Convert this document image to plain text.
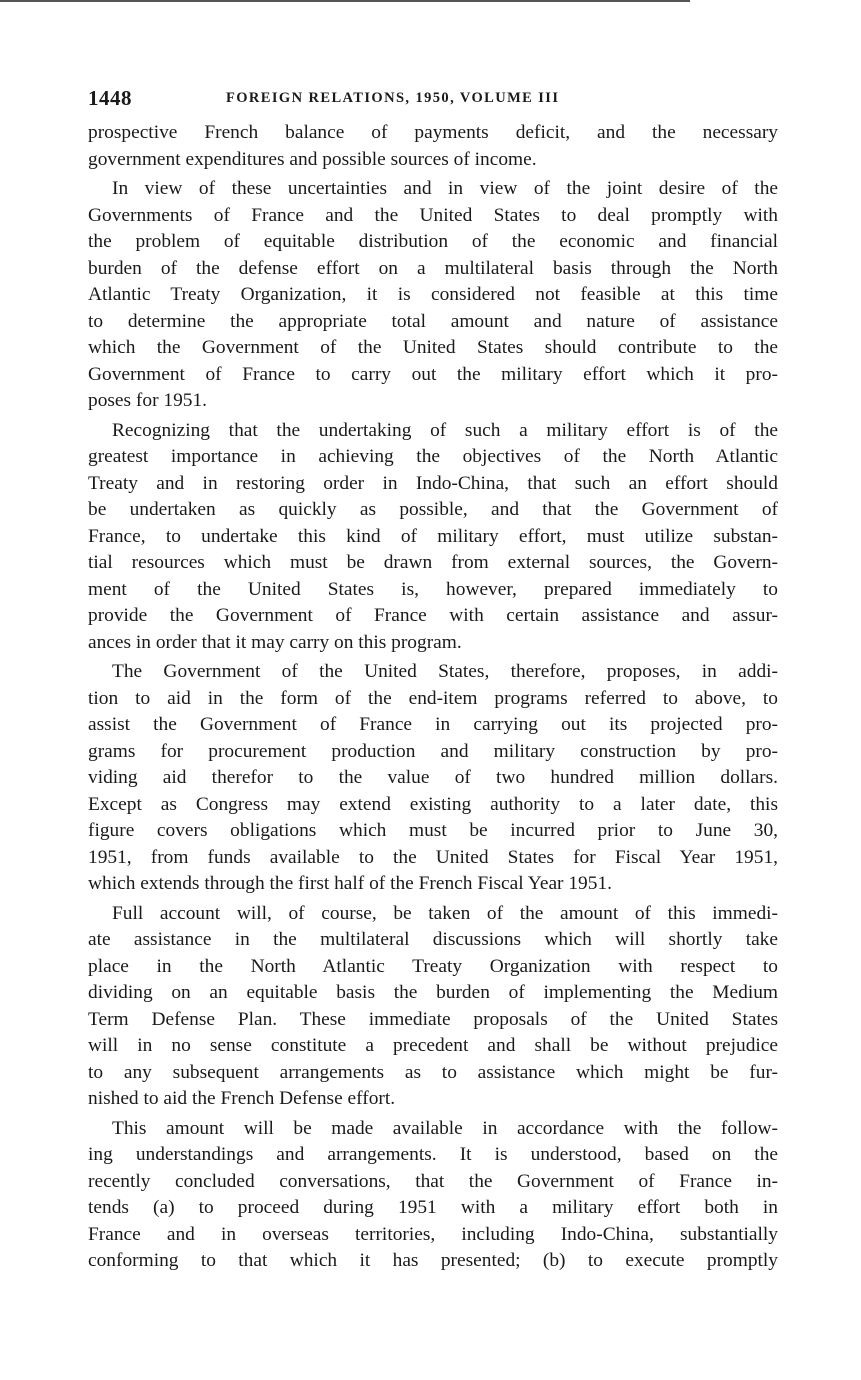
1448	FOREIGN RELATIONS, 1950, VOLUME III

prospective French balance of payments deficit, and the necessary
government expenditures and possible sources of income.

In view of these uncertainties and in view of the joint desire of the
Governments of France and the United States to deal promptly with
the problem of equitable distribution of the economic and financial
burden of the defense effort on a multilateral basis through the North
Atlantic Treaty Organization, it is considered not feasible at this time
to determine the appropriate total amount and nature of assistance
which the Government of the United States should contribute to the
Government of France to carry out the military effort which it pro-
poses for 1951.

Recognizing that the undertaking of such a military effort is of the
greatest importance in achieving the objectives of the North Atlantic
Treaty and in restoring order in Indo-China, that such an effort should
be undertaken as quickly as possible, and that the Government of
France, to undertake this kind of military effort, must utilize substan-
tial resources which must be drawn from external sources, the Govern-
ment of the United States is, however, prepared immediately to
provide the Government of France with certain assistance and assur-
ances in order that it may carry on this program.

The Government of the United States, therefore, proposes, in addi-
tion to aid in the form of the end-item programs referred to above, to
assist the Government of France in carrying out its projected pro-
grams for procurement production and military construction by pro-
viding aid therefor to the value of two hundred million dollars.
Except as Congress may extend existing authority to a later date, this
figure covers obligations which must be incurred prior to June 30,
1951, from funds available to the United States for Fiscal Year 1951,
which extends through the first half of the French Fiscal Year 1951.

Full account will, of course, be taken of the amount of this immedi-
ate assistance in the multilateral discussions which will shortly take
place in the North Atlantic Treaty Organization with respect to
dividing on an equitable basis the burden of implementing the Medium
Term Defense Plan. These immediate proposals of the United States
will in no sense constitute a precedent and shall be without prejudice
to any subsequent arrangements as to assistance which might be fur-
nished to aid the French Defense effort.

This amount will be made available in accordance with the follow-
ing understandings and arrangements. It is understood, based on the
recently concluded conversations, that the Government of France in-
tends (a) to proceed during 1951 with a military effort both in
France and in overseas territories, including Indo-China, substantially
conforming to that which it has presented; (b) to execute promptly
